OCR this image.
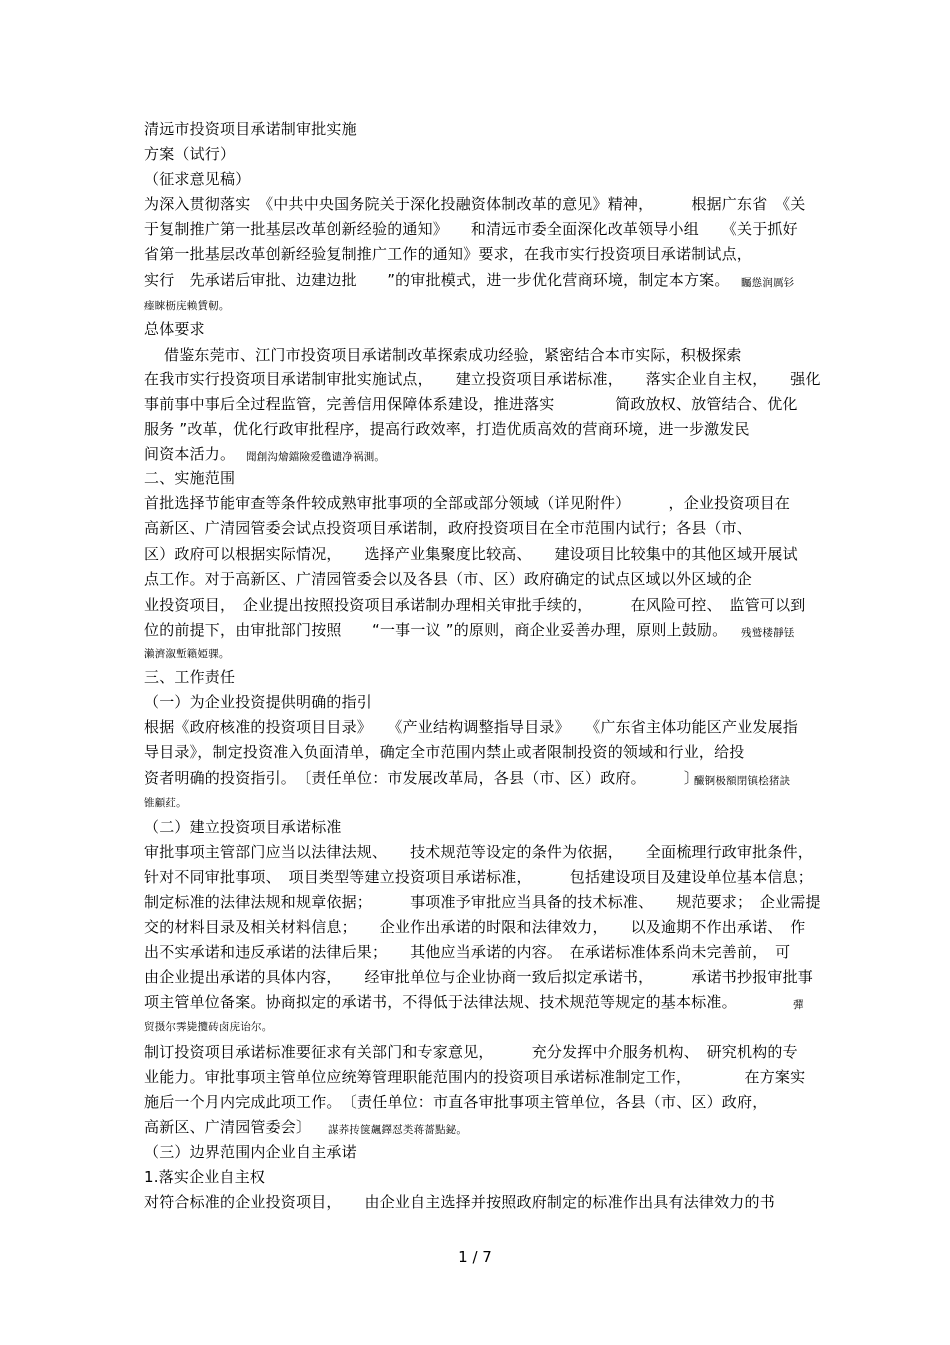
清远市投资项目承诺制审批实施
方案（试行）
（征求意见稿）
为深入贯彻落实　《中共中央国务院关于深化投融资体制改革的意见》精神，　　　根据广东省　《关
于复制推广第一批基层改革创新经验的通知》　　和清远市委全面深化改革领导小组　　《关于抓好
省第一批基层改革创新经验复制推广工作的通知》要求，在我市实行投资项目承诺制试点，
实行　先承诺后审批、边建边批　　”的审批模式，进一步优化营商环境，制定本方案。 矚慫润厲钐
瘗睞枥庑赖賃軔。
总体要求
借鉴东莞市、江门市投资项目承诺制改革探索成功经验，紧密结合本市实际，积极探索
在我市实行投资项目承诺制审批实施试点，　　建立投资项目承诺标准，　　落实企业自主权，　　强化
事前事中事后全过程监管，完善信用保障体系建设，推进落实　　　　简政放权、放管结合、优化
服务 ”改革，优化行政审批程序，提高行政效率，打造优质高效的营商环境，进一步激发民
间资本活力。 聞創沟燴鐺險爱氇谴净祸測。
二、实施范围
首批选择节能审查等条件较成熟审批事项的全部或部分领域（详见附件）　　　，企业投资项目在
高新区、广清园管委会试点投资项目承诺制，政府投资项目在全市范围内试行；各县（市、
区）政府可以根据实际情况，　　选择产业集聚度比较高、　　建设项目比较集中的其他区域开展试
点工作。对于高新区、广清园管委会以及各县（市、区）政府确定的试点区域以外区域的企
业投资项目，　企业提出按照投资项目承诺制办理相关审批手续的，　　　在风险可控、　监管可以到
位的前提下，由审批部门按照　　“一事一议 ”的原则，商企业妥善办理，原则上鼓励。 残鹫楼靜铥
瀨濟溆塹籟婭骒。
三、工作责任
（一）为企业投资提供明确的指引
根据《政府核准的投资项目目录》　　《产业结构调整指导目录》　　《广东省主体功能区产业发展指
导目录》，制定投资准入负面清单，确定全市范围内禁止或者限制投资的领域和行业，给投
资者明确的投资指引。　〔责任单位：市发展改革局，各县（市、区）政府。　　　〕
釅锕极額閉镇桧猪訣
锥顧荭。
（二）建立投资项目承诺标准
审批事项主管部门应当以法律法规、　　技术规范等设定的条件为依据，　　全面梳理行政审批条件，
针对不同审批事项、　项目类型等建立投资项目承诺标准，　　　包括建设项目及建设单位基本信息；
制定标准的法律法规和规章依据；　　　事项准予审批应当具备的技术标准、　　规范要求；　企业需提
交的材料目录及相关材料信息；　　企业作出承诺的时限和法律效力，　　以及逾期不作出承诺、　作
出不实承诺和违反承诺的法律后果；　　其他应当承诺的内容。　在承诺标准体系尚未完善前，　可
由企业提出承诺的具体内容，　　经审批单位与企业协商一致后拟定承诺书，　　　承诺书抄报审批事
项主管单位备案。协商拟定的承诺书，不得低于法律法规、技术规范等规定的基本标准。	彈
贸摄尔霁毙攬砖卤庑诒尔。
制订投资项目承诺标准要征求有关部门和专家意见，　　　充分发挥中介服务机构、　研究机构的专
业能力。审批事项主管单位应统筹管理职能范围内的投资项目承诺标准制定工作，　　　　在方案实
施后一个月内完成此项工作。　〔责任单位：市直各审批事项主管单位，各县（市、区）政府，
高新区、广清园管委会〕 謀荞抟箧飆鐸怼类蒋薔點鉍。
（三）边界范围内企业自主承诺
1.落实企业自主权
对符合标准的企业投资项目，　　由企业自主选择并按照政府制定的标准作出具有法律效力的书
1 / 7
